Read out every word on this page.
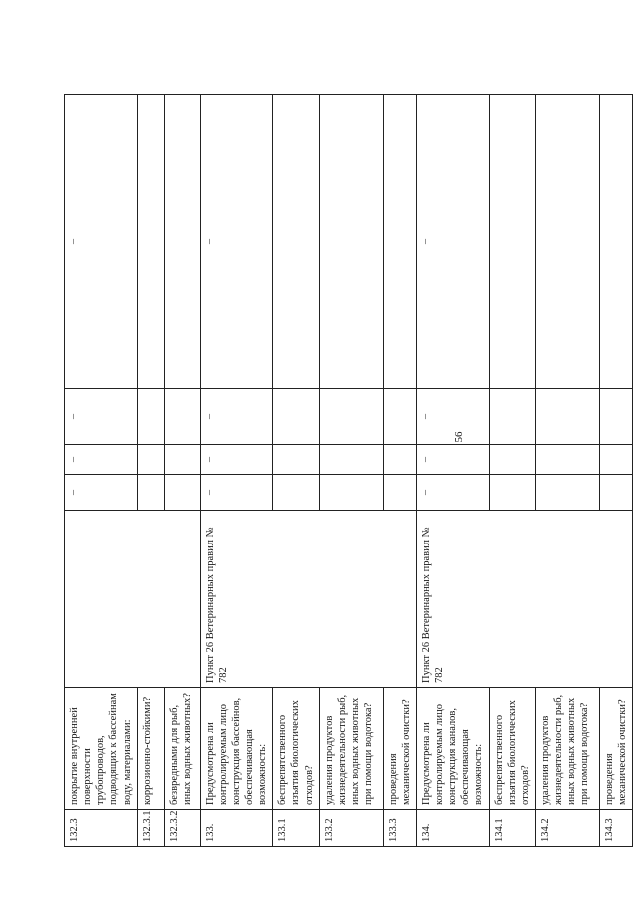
56
132.3	покрытие внутренней поверхности трубопроводов, подводящих к бассейнам воду, материалами:		–	–	–	–
132.3.1	коррозионно-стойкими?					
132.3.2	безвредными для рыб, иных водных животных?					
133.	Предусмотрена ли контролируемым лицо конструкция бассейнов, обеспечивающая возможность:	Пункт 26 Ветеринарных правил № 782	–	–	–	–
133.1	беспрепятственного изъятия биологических отходов?					
133.2	удаления продуктов жизнедеятельности рыб, иных водных животных при помощи водотока?					
133.3	проведения механической очистки?					
134.	Предусмотрена ли контролируемым лицо конструкция каналов, обеспечивающая возможность:	Пункт 26 Ветеринарных правил № 782	–	–	–	–
134.1	беспрепятственного изъятия биологических отходов?					
134.2	удаления продуктов жизнедеятельности рыб, иных водных животных при помощи водотока?					
134.3	проведения механической очистки?					
